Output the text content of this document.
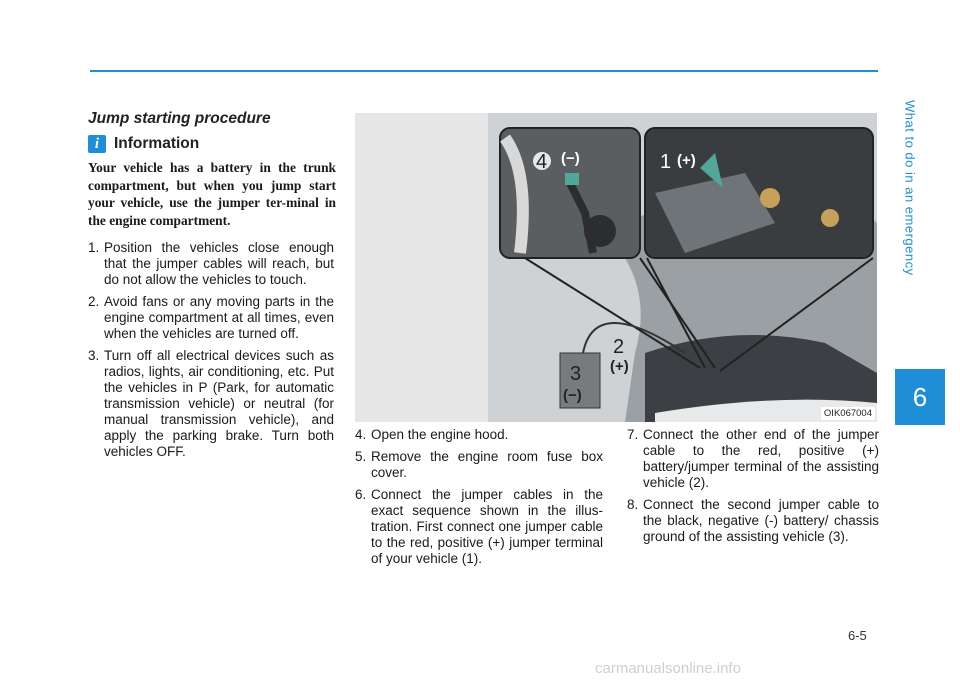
Jump starting procedure
i Information
Your vehicle has a battery in the trunk compartment, but when you jump start your vehicle, use the jumper ter-minal in the engine compartment.
1. Position the vehicles close enough that the jumper cables will reach, but do not allow the vehicles to touch.
2. Avoid fans or any moving parts in the engine compartment at all times, even when the vehicles are turned off.
3. Turn off all electrical devices such as radios, lights, air conditioning, etc. Put the vehicles in P (Park, for automatic transmission vehicle) or neutral (for manual transmission vehicle), and apply the parking brake. Turn both vehicles OFF.
4 (−)	1 (+)
2
(+)
3
(−)
OIK067004
4. Open the engine hood.
5. Remove the engine room fuse box cover.
6. Connect the jumper cables in the exact sequence shown in the illus-tration. First connect one jumper cable to the red, positive (+) jumper terminal of your vehicle (1).
7. Connect the other end of the jumper cable to the red, positive (+) battery/jumper terminal of the assisting vehicle (2).
8. Connect the second jumper cable to the black, negative (-) battery/ chassis ground of the assisting vehicle (3).
What to do in an emergency
6
6-5
carmanualsonline.info
